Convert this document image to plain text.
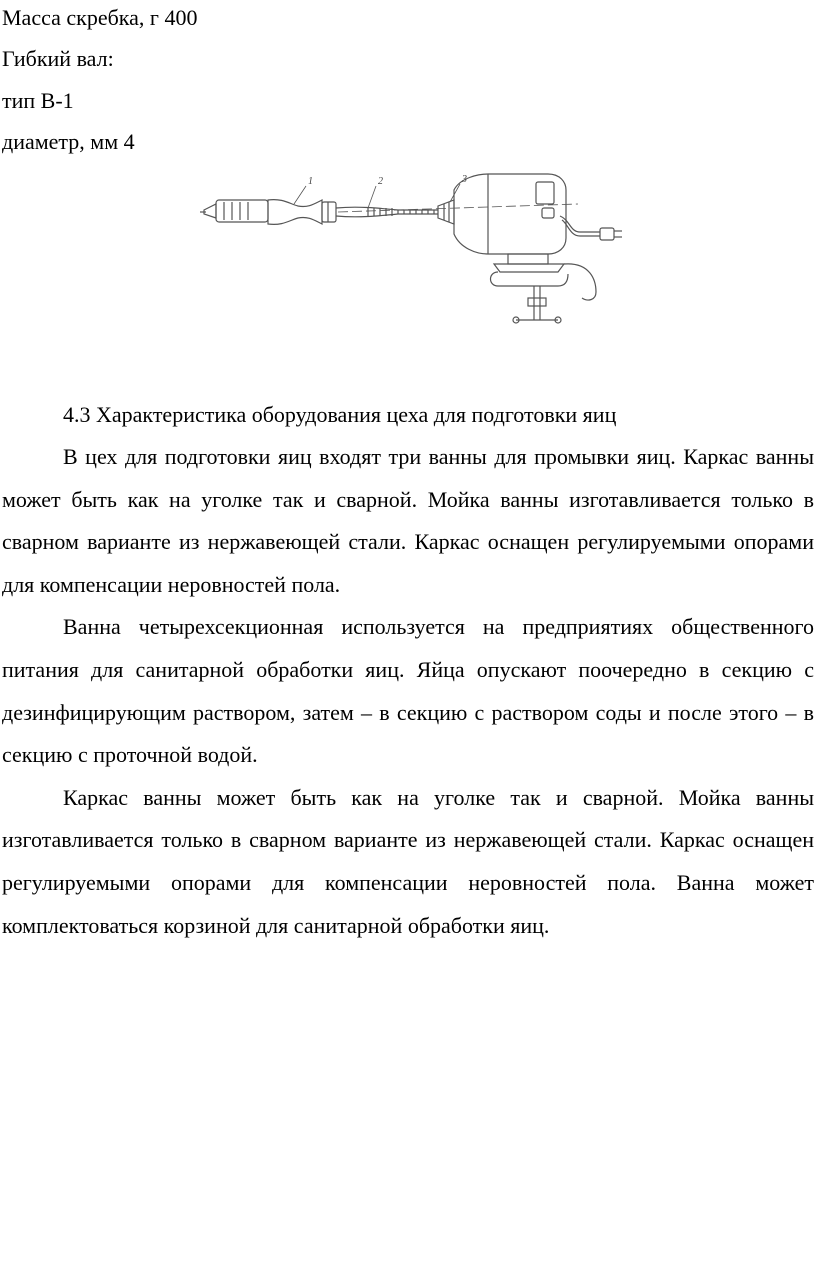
Масса скребка, г 400

Гибкий вал:

тип В-1

диаметр, мм 4

1	2	3

4.3 Характеристика оборудования цеха для подготовки яиц

В цех для подготовки яиц входят три ванны для промывки яиц. Каркас ванны может быть как на уголке так и сварной. Мойка ванны изготавливается только в сварном варианте из нержавеющей стали. Каркас оснащен регулируемыми опорами для компенсации неровностей пола.

Ванна четырехсекционная используется на предприятиях общественного питания для санитарной обработки яиц. Яйца опускают поочередно в секцию с дезинфицирующим раствором, затем – в секцию с раствором соды и после этого – в секцию с проточной водой.

Каркас ванны может быть как на уголке так и сварной. Мойка ванны изготавливается только в сварном варианте из нержавеющей стали. Каркас оснащен регулируемыми опорами для компенсации неровностей пола. Ванна может комплектоваться корзиной для санитарной обработки яиц.
